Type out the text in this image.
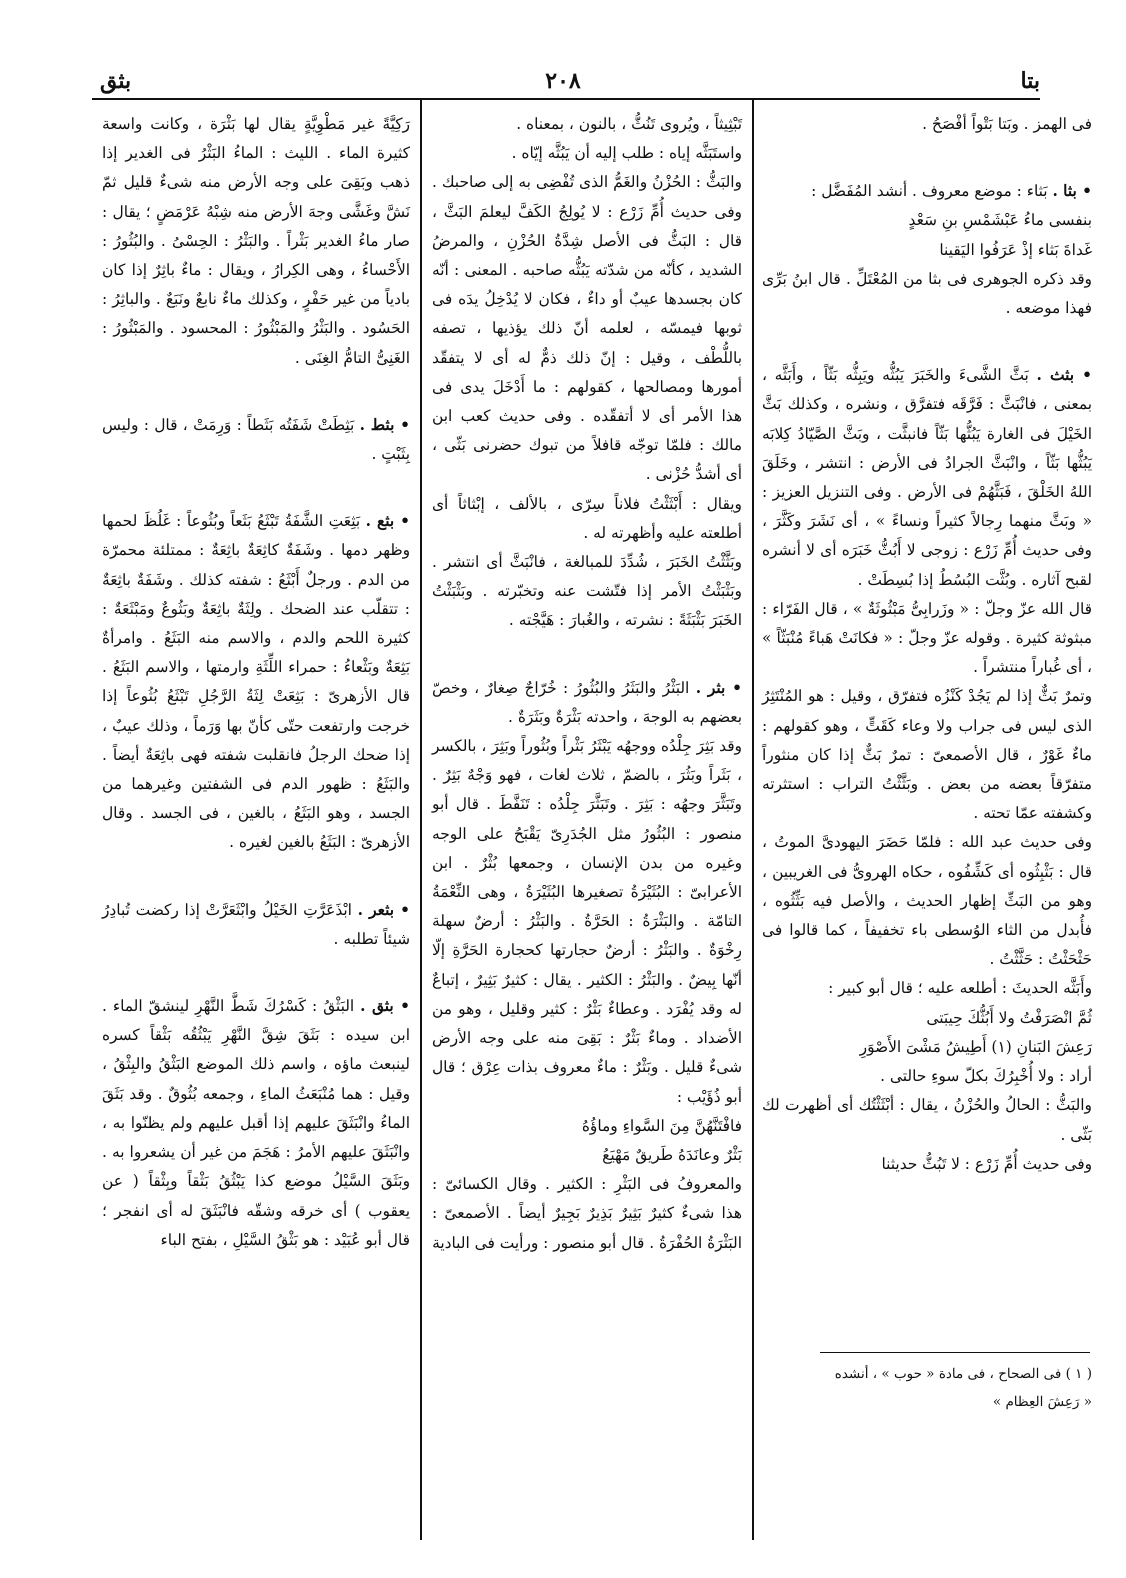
بتا
٢٠٨
بثق

فى الهمز . وبَتا بَتْواً أفْصَحُ .

• بثا . بَثاء : موضع معروف . أنشد المُفَضَّل :

بنفسى ماءُ عَبْشَمْسِ بنِ سَعْدٍ

غَداةَ بَثاء إذْ عَرَفُوا اليَقينا

وقد ذكره الجوهرى فى بثا من المُعْتَلِّ . قال ابنُ بَرِّى فهذا موضعه .

• بثث . بَثَّ الشَّىءَ والخَبَرَ يَبُثُّه ويَبِثُّه بَثّاً ، وأَبَثَّه ، بمعنى ، فانْبَثَّ : فَرَّقَه فتفرَّق ، ونشره ، وكذلك بَثَّ الخَيْلَ فى الغارة يَبُثُّها بَثّاً فانبثَّت ، وبَثَّ الصَّيّادُ كِلابَه يَبُثُّها بَثّاً ، وانْبَثَّ الجرادُ فى الأرض : انتشر ، وخَلَقَ اللهُ الخَلْقَ ، فَبَثَّهُمْ فى الأرض . وفى التنزيل العزيز : « وبَثَّ منهما رِجالاً كثيراً ونساءً » ، أى نَشَرَ وكَثَّرَ ، وفى حديث أُمِّ زَرْع : زوجى لا أَبُثُّ خَبَرَه أى لا أنشره لقبح آثاره . وبُثَّت البُسُطُ إذا بُسِطَتْ .

قال الله عزّ وجلّ : « وزَرابِىُّ مَبْثُوثَةٌ » ، قال الفَرّاء : مبثوثة كثيرة . وقوله عزّ وجلّ : « فكانَتْ هَباءً مُنْبَثّاً » ، أى غُباراً منتشراً .

وتمرٌ بَثٌّ إذا لم يَجُدْ كَنْزُه فتفرّق ، وقيل : هو المُنْتَثِرُ الذى ليس فى جراب ولا وعاء كَقَتٍّ ، وهو كقولهم : ماءٌ غَوْرٌ ، قال الأصمعىّ : تمرٌ بَثٌّ إذا كان منثوراً متفرّقاً بعضه من بعض . وبَثَّثْتُ التراب : استثرته وكشفته عمّا تحته .

وفى حديث عبد الله : فلمّا حَضَرَ اليهودىَّ الموتُ ، قال : بَثْبِثُوه أى كَشِّفُوه ، حكاه الهروىُّ فى الغريبين ، وهو من البَثِّ إظهار الحديث ، والأصل فيه بَثِّثُوه ، فأُبدل من الثاء الوُسطى باء تخفيفاً ، كما قالوا فى حَثْحَثْتُ : حَثَّثْتُ .

وأَبَثَّه الحديثَ : أطلعه عليه ؛ قال أبو كبير :

ثُمَّ انْصَرَفْتُ ولا أَبُثُّكَ حِيبَتى

رَعِشَ البَنانِ (١) أَطِيشُ مَشْىَ الأَصْوَرِ

أراد : ولا أُخْبِرُكَ بكلّ سوءِ حالتى .

والبَثُّ : الحالُ والحُزْنُ ، يقال : أبْثَثْتُك أى أظهرت لك بَثّى .

وفى حديث أُمِّ زَرْع : لا تَبُثُّ حديثنا

تَبْثِيثاً ، ويُروى تَنُثُّ ، بالنون ، بمعناه .

واستَبَثَّه إياه : طلب إليه أن يَبُثَّه إيّاه .

والبَثُّ : الحُزْنُ والغَمُّ الذى تُفْضِى به إلى صاحبك . وفى حديث أُمِّ زَرْع : لا يُولِجُ الكَفَّ ليعلمَ البَثَّ ، قال : البَثُّ فى الأصل شِدَّةُ الحُزْنِ ، والمرضُ الشديد ، كأنّه من شدّته يَبُثُّه صاحبه . المعنى : أنّه كان بجسدها عيبٌ أو داءٌ ، فكان لا يُدْخِلُ يدَه فى ثوبها فيمسّه ، لعلمه أنّ ذلك يؤذيها ، تصفه باللُّطْف ، وقيل : إنّ ذلك ذمٌّ له أى لا يتفقّد أمورها ومصالحها ، كقولهم : ما أَدْخَلَ يدى فى هذا الأمر أى لا أتفقّده . وفى حديث كعب ابن مالك : فلمّا توجّه قافلاً من تبوك حضرنى بَثّى ، أى أشدُّ حُزْنى .

ويقال : أَبْثَثْتُ فلاناً سِرّى ، بالألف ، إبْثاثاً أى أطلعته عليه وأظهرته له .

وبَثَّثْتُ الخَبَرَ ، شُدِّدَ للمبالغة ، فانْبَثَّ أى انتشر . وبَثْبَثْتُ الأمر إذا فتّشت عنه وتخبّرته . وبَثْبَثْتُ الخَبَرَ بَثْبَثَةً : نشرته ، والغُبارَ : هَيَّجْته .

• بثر . البَثْرُ والبَثَرُ والبُثُورُ : خُرّاجٌ صِغارٌ ، وخصّ بعضهم به الوجهَ ، واحدته بَثْرَةٌ وبَثَرَةٌ .

وقد بَثِرَ جِلْدُه ووجهُه يَبْثَرُ بَثْراً وبُثُوراً وبَثِرَ ، بالكسر ، بَثَراً وبَثُرَ ، بالضمّ ، ثلاث لغات ، فهو وَجْهٌ بَثِرٌ . وتَبَثَّرَ وجهُه : بَثِرَ . وتَبَثَّرَ جِلْدُه : تَنَفَّطَ . قال أبو منصور : البُثُورُ مثل الجُدَرِىّ يَقْبَحُ على الوجه وغيره من بدن الإنسان ، وجمعها بُثْرٌ . ابن الأعرابىّ : البُثَيْرَةُ تصغيرها البُثَيْرَةُ ، وهى النِّعْمَةُ التامّة . والبَثْرَةُ : الحَرَّةُ . والبَثْرُ : أرضٌ سهلة رِخْوَةٌ . والبَثْرُ : أرضٌ حجارتها كحجارة الحَرَّةِ إلّا أنّها بِيضٌ . والبَثْرُ : الكثير . يقال : كثيرٌ بَثِيرٌ ، إتباعٌ له وقد يُفْرَد . وعطاءٌ بَثْرٌ : كثير وقليل ، وهو من الأضداد . وماءٌ بَثْرٌ : بَقِىَ منه على وجه الأرض شىءٌ قليل . وبَثْرٌ : ماءٌ معروف بذات عِرْق ؛ قال أبو ذُؤَيْب :

فافْتَنَّهُنَّ مِنَ السَّواءِ وماؤُهُ

بَثْرٌ وعانَدَهُ طَريقٌ مَهْيَعُ

والمعروفُ فى البَثْرِ : الكثير . وقال الكسائىّ : هذا شىءٌ كثيرٌ بَثِيرٌ بَذِيرٌ بَجِيرٌ أيضاً . الأصمعىّ : البَثْرَةُ الحُفْرَةُ . قال أبو منصور : ورأيت فى البادية

رَكِيَّةً غير مَطْوِيَّةٍ يقال لها بَثْرَة ، وكانت واسعة كثيرة الماء . الليث : الماءُ البَثْرُ فى الغدير إذا ذهب وبَقِىَ على وجه الأرض منه شىءٌ قليل ثمّ نَشَّ وغَشَّى وجهَ الأرض منه شِبْهُ عَرْمَضٍ ؛ يقال : صار ماءُ الغدير بَثْراً . والبَثْرُ : الحِسْىُ . والبُثُورُ : الأَحْساءُ ، وهى الكِرارُ ، ويقال : ماءٌ باثِرٌ إذا كان بادياً من غير حَفْرٍ ، وكذلك ماءٌ نابعٌ ونَبَعٌ . والباثِرُ : الحَسُود . والبَثْرُ والمَبْثُورُ : المحسود . والمَبْثُورُ : الغَنِىُّ التامُّ الغِنَى .

• بثط . بَثِطَتْ شَفَتُه بَثَطاً : وَرِمَتْ ، قال : وليس بِثَبْتٍ .

• بثع . بَثِعَتِ الشَّفَةُ تَبْثَعُ بَثَعاً وبُثُوعاً : غَلُظَ لحمها وظهر دمها . وشَفَةٌ كاثِعَةٌ باثِعَةٌ : ممتلئة محمرّة من الدم . ورجلٌ أَبْثَعُ : شفته كذلك . وشَفَةٌ باثِعَةٌ : تتقلّب عند الضحك . ولِثَةٌ باثِعَةٌ وبَثُوعٌ ومَبْثَعَةٌ : كثيرة اللحم والدم ، والاسم منه البَثَعُ . وامرأةٌ بَثِعَةٌ وبَثْعاءُ : حمراء اللِّثَةِ وارمتها ، والاسم البَثَعُ . قال الأزهرىّ : بَثِعَتْ لِثَةُ الرَّجُلِ تَبْثَعُ بُثُوعاً إذا خرجت وارتفعت حتّى كأنّ بها وَرَماً ، وذلك عيبٌ ، إذا ضحك الرجلُ فانقلبت شفته فهى باثِعَةٌ أيضاً . والبَثَعُ : ظهور الدم فى الشفتين وغيرهما من الجسد ، وهو البَثَعُ ، بالغين ، فى الجسد . وقال الأزهرىّ : البَثَعُ بالغين لغيره .

• بثعر . ابْذَعَرَّتِ الخَيْلُ وابْثَعَرَّتْ إذا ركضت تُبادِرُ شيئاً تطلبه .

• بثق . البَثْقُ : كَسْرُكَ شَطَّ النَّهْرِ لينشقّ الماء . ابن سيده : بَثَقَ شِقَّ النَّهْرِ يَبْثُقُه بَثْقاً كسره لينبعث ماؤه ، واسم ذلك الموضع البَثْقُ والبِثْقُ ، وقيل : هما مُنْبَعَثُ الماءِ ، وجمعه بُثُوقٌ . وقد بَثَقَ الماءُ وانْبَثَقَ عليهم إذا أقبل عليهم ولم يظنّوا به ، وانْبَثَقَ عليهم الأمرُ : هَجَمَ من غير أن يشعروا به . وبَثَقَ السَّيْلُ موضع كذا يَبْثُقُ بَثْقاً وبِثْقاً ( عن يعقوب ) أى خرقه وشقّه فانْبَثَقَ له أى انفجر ؛ قال أبو عُبَيْد : هو بَثْقُ السَّيْلِ ، بفتح الباء

( ١ ) فى الصحاح ، فى مادة « حوب » ، أنشده

« رَعِشَ العِظام »
